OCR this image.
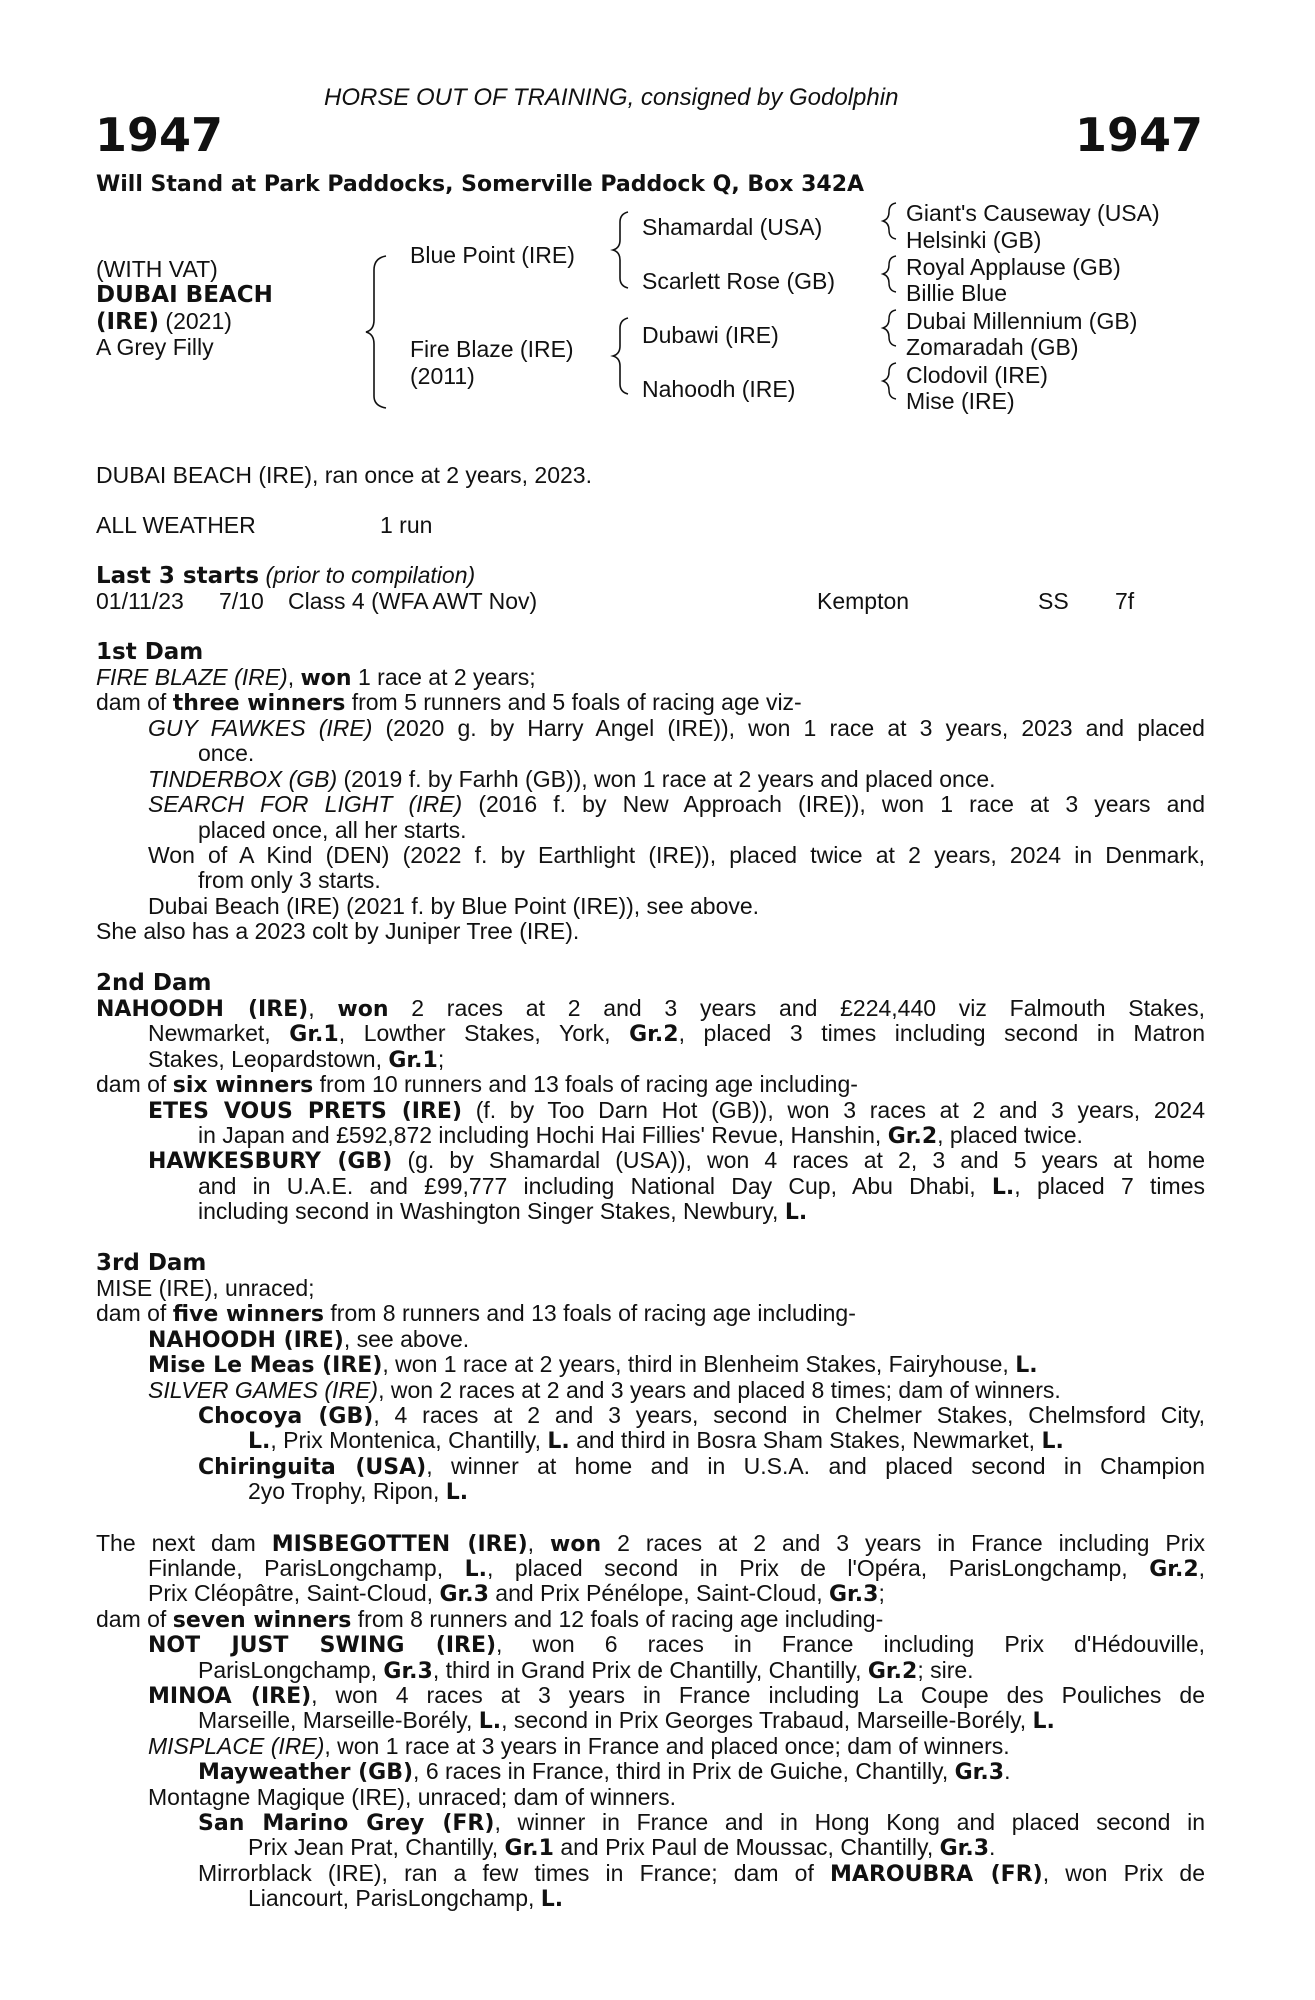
HORSE OUT OF TRAINING, consigned by Godolphin
1947	1947
Will Stand at Park Paddocks, Somerville Paddock Q, Box 342A
(WITH VAT)
DUBAI BEACH
(IRE) (2021)
A Grey Filly
Blue Point (IRE)
Fire Blaze (IRE)
(2011)
Shamardal (USA)
Scarlett Rose (GB)
Dubawi (IRE)
Nahoodh (IRE)
Giant's Causeway (USA)
Helsinki (GB)
Royal Applause (GB)
Billie Blue
Dubai Millennium (GB)
Zomaradah (GB)
Clodovil (IRE)
Mise (IRE)
DUBAI BEACH (IRE), ran once at 2 years, 2023.
ALL WEATHER	1 run
Last 3 starts (prior to compilation)
01/11/23 7/10 Class 4 (WFA AWT Nov)	Kempton	SS 7f
1st Dam
FIRE BLAZE (IRE), won 1 race at 2 years;
dam of three winners from 5 runners and 5 foals of racing age viz-
GUY FAWKES (IRE) (2020 g. by Harry Angel (IRE)), won 1 race at 3 years, 2023 and placed
once.
TINDERBOX (GB) (2019 f. by Farhh (GB)), won 1 race at 2 years and placed once.
SEARCH FOR LIGHT (IRE) (2016 f. by New Approach (IRE)), won 1 race at 3 years and
placed once, all her starts.
Won of A Kind (DEN) (2022 f. by Earthlight (IRE)), placed twice at 2 years, 2024 in Denmark,
from only 3 starts.
Dubai Beach (IRE) (2021 f. by Blue Point (IRE)), see above.
She also has a 2023 colt by Juniper Tree (IRE).
2nd Dam
NAHOODH (IRE), won 2 races at 2 and 3 years and £224,440 viz Falmouth Stakes,
Newmarket, Gr.1, Lowther Stakes, York, Gr.2, placed 3 times including second in Matron
Stakes, Leopardstown, Gr.1;
dam of six winners from 10 runners and 13 foals of racing age including-
ETES VOUS PRETS (IRE) (f. by Too Darn Hot (GB)), won 3 races at 2 and 3 years, 2024
in Japan and £592,872 including Hochi Hai Fillies' Revue, Hanshin, Gr.2, placed twice.
HAWKESBURY (GB) (g. by Shamardal (USA)), won 4 races at 2, 3 and 5 years at home
and in U.A.E. and £99,777 including National Day Cup, Abu Dhabi, L., placed 7 times
including second in Washington Singer Stakes, Newbury, L.
3rd Dam
MISE (IRE), unraced;
dam of five winners from 8 runners and 13 foals of racing age including-
NAHOODH (IRE), see above.
Mise Le Meas (IRE), won 1 race at 2 years, third in Blenheim Stakes, Fairyhouse, L.
SILVER GAMES (IRE), won 2 races at 2 and 3 years and placed 8 times; dam of winners.
Chocoya (GB), 4 races at 2 and 3 years, second in Chelmer Stakes, Chelmsford City,
L., Prix Montenica, Chantilly, L. and third in Bosra Sham Stakes, Newmarket, L.
Chiringuita (USA), winner at home and in U.S.A. and placed second in Champion
2yo Trophy, Ripon, L.
The next dam MISBEGOTTEN (IRE), won 2 races at 2 and 3 years in France including Prix
Finlande, ParisLongchamp, L., placed second in Prix de l'Opéra, ParisLongchamp, Gr.2,
Prix Cléopâtre, Saint-Cloud, Gr.3 and Prix Pénélope, Saint-Cloud, Gr.3;
dam of seven winners from 8 runners and 12 foals of racing age including-
NOT JUST SWING (IRE), won 6 races in France including Prix d'Hédouville,
ParisLongchamp, Gr.3, third in Grand Prix de Chantilly, Chantilly, Gr.2; sire.
MINOA (IRE), won 4 races at 3 years in France including La Coupe des Pouliches de
Marseille, Marseille-Borély, L., second in Prix Georges Trabaud, Marseille-Borély, L.
MISPLACE (IRE), won 1 race at 3 years in France and placed once; dam of winners.
Mayweather (GB), 6 races in France, third in Prix de Guiche, Chantilly, Gr.3.
Montagne Magique (IRE), unraced; dam of winners.
San Marino Grey (FR), winner in France and in Hong Kong and placed second in
Prix Jean Prat, Chantilly, Gr.1 and Prix Paul de Moussac, Chantilly, Gr.3.
Mirrorblack (IRE), ran a few times in France; dam of MAROUBRA (FR), won Prix de
Liancourt, ParisLongchamp, L.
